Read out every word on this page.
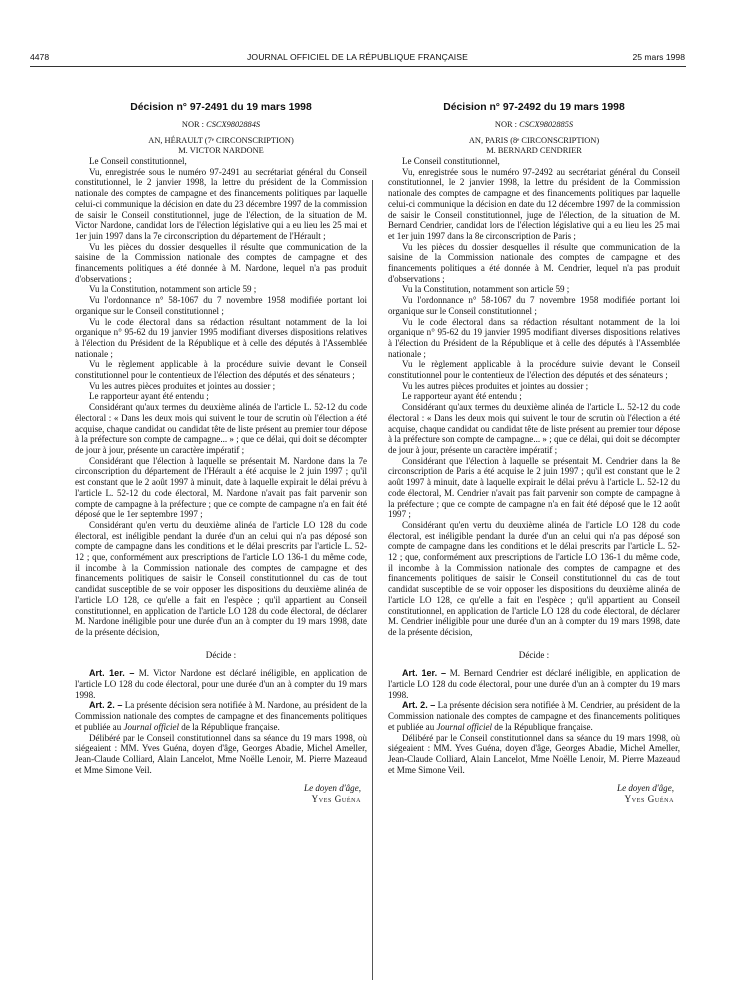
4478	JOURNAL OFFICIEL DE LA RÉPUBLIQUE FRANÇAISE	25 mars 1998
Décision n° 97-2491 du 19 mars 1998
NOR : CSCX9802884S
AN, HÉRAULT (7ᵉ CIRCONSCRIPTION)
M. VICTOR NARDONE

Le Conseil constitutionnel,

Vu, enregistrée sous le numéro 97-2491 au secrétariat général du Conseil constitutionnel, le 2 janvier 1998, la lettre du président de la Commission nationale des comptes de campagne et des financements politiques par laquelle celui-ci communique la décision en date du 23 décembre 1997 de la commission de saisir le Conseil constitutionnel, juge de l'élection, de la situation de M. Victor Nardone, candidat lors de l'élection législative qui a eu lieu les 25 mai et 1er juin 1997 dans la 7e circonscription du département de l'Hérault ;

Vu les pièces du dossier desquelles il résulte que communication de la saisine de la Commission nationale des comptes de campagne et des financements politiques a été donnée à M. Nardone, lequel n'a pas produit d'observations ;

Vu la Constitution, notamment son article 59 ;

Vu l'ordonnance n° 58-1067 du 7 novembre 1958 modifiée portant loi organique sur le Conseil constitutionnel ;

Vu le code électoral dans sa rédaction résultant notamment de la loi organique n° 95-62 du 19 janvier 1995 modifiant diverses dispositions relatives à l'élection du Président de la République et à celle des députés à l'Assemblée nationale ;

Vu le règlement applicable à la procédure suivie devant le Conseil constitutionnel pour le contentieux de l'élection des députés et des sénateurs ;

Vu les autres pièces produites et jointes au dossier ;

Le rapporteur ayant été entendu ;

Considérant qu'aux termes du deuxième alinéa de l'article L. 52-12 du code électoral : « Dans les deux mois qui suivent le tour de scrutin où l'élection a été acquise, chaque candidat ou candidat tête de liste présent au premier tour dépose à la préfecture son compte de campagne... » ; que ce délai, qui doit se décompter de jour à jour, présente un caractère impératif ;

Considérant que l'élection à laquelle se présentait M. Nardone dans la 7e circonscription du département de l'Hérault a été acquise le 2 juin 1997 ; qu'il est constant que le 2 août 1997 à minuit, date à laquelle expirait le délai prévu à l'article L. 52-12 du code électoral, M. Nardone n'avait pas fait parvenir son compte de campagne à la préfecture ; que ce compte de campagne n'a en fait été déposé que le 1er septembre 1997 ;

Considérant qu'en vertu du deuxième alinéa de l'article LO 128 du code électoral, est inéligible pendant la durée d'un an celui qui n'a pas déposé son compte de campagne dans les conditions et le délai prescrits par l'article L. 52-12 ; que, conformément aux prescriptions de l'article LO 136-1 du même code, il incombe à la Commission nationale des comptes de campagne et des financements politiques de saisir le Conseil constitutionnel du cas de tout candidat susceptible de se voir opposer les dispositions du deuxième alinéa de l'article LO 128, ce qu'elle a fait en l'espèce ; qu'il appartient au Conseil constitutionnel, en application de l'article LO 128 du code électoral, de déclarer M. Nardone inéligible pour une durée d'un an à compter du 19 mars 1998, date de la présente décision,

Décide :

Art. 1er. – M. Victor Nardone est déclaré inéligible, en application de l'article LO 128 du code électoral, pour une durée d'un an à compter du 19 mars 1998.

Art. 2. – La présente décision sera notifiée à M. Nardone, au président de la Commission nationale des comptes de campagne et des financements politiques et publiée au Journal officiel de la République française.

Délibéré par le Conseil constitutionnel dans sa séance du 19 mars 1998, où siégeaient : MM. Yves Guéna, doyen d'âge, Georges Abadie, Michel Ameller, Jean-Claude Colliard, Alain Lancelot, Mme Noëlle Lenoir, M. Pierre Mazeaud et Mme Simone Veil.

Le doyen d'âge,
Yves Guéna
Décision n° 97-2492 du 19 mars 1998
NOR : CSCX9802885S
AN, PARIS (8ᵉ CIRCONSCRIPTION)
M. BERNARD CENDRIER

Le Conseil constitutionnel,

Vu, enregistrée sous le numéro 97-2492 au secrétariat général du Conseil constitutionnel, le 2 janvier 1998, la lettre du président de la Commission nationale des comptes de campagne et des financements politiques par laquelle celui-ci communique la décision en date du 12 décembre 1997 de la commission de saisir le Conseil constitutionnel, juge de l'élection, de la situation de M. Bernard Cendrier, candidat lors de l'élection législative qui a eu lieu les 25 mai et 1er juin 1997 dans la 8e circonscription de Paris ;

Vu les pièces du dossier desquelles il résulte que communication de la saisine de la Commission nationale des comptes de campagne et des financements politiques a été donnée à M. Cendrier, lequel n'a pas produit d'observations ;

Vu la Constitution, notamment son article 59 ;

Vu l'ordonnance n° 58-1067 du 7 novembre 1958 modifiée portant loi organique sur le Conseil constitutionnel ;

Vu le code électoral dans sa rédaction résultant notamment de la loi organique n° 95-62 du 19 janvier 1995 modifiant diverses dispositions relatives à l'élection du Président de la République et à celle des députés à l'Assemblée nationale ;

Vu le règlement applicable à la procédure suivie devant le Conseil constitutionnel pour le contentieux de l'élection des députés et des sénateurs ;

Vu les autres pièces produites et jointes au dossier ;

Le rapporteur ayant été entendu ;

Considérant qu'aux termes du deuxième alinéa de l'article L. 52-12 du code électoral : « Dans les deux mois qui suivent le tour de scrutin où l'élection a été acquise, chaque candidat ou candidat tête de liste présent au premier tour dépose à la préfecture son compte de campagne... » ; que ce délai, qui doit se décompter de jour à jour, présente un caractère impératif ;

Considérant que l'élection à laquelle se présentait M. Cendrier dans la 8e circonscription de Paris a été acquise le 2 juin 1997 ; qu'il est constant que le 2 août 1997 à minuit, date à laquelle expirait le délai prévu à l'article L. 52-12 du code électoral, M. Cendrier n'avait pas fait parvenir son compte de campagne à la préfecture ; que ce compte de campagne n'a en fait été déposé que le 12 août 1997 ;

Considérant qu'en vertu du deuxième alinéa de l'article LO 128 du code électoral, est inéligible pendant la durée d'un an celui qui n'a pas déposé son compte de campagne dans les conditions et le délai prescrits par l'article L. 52-12 ; que, conformément aux prescriptions de l'article LO 136-1 du même code, il incombe à la Commission nationale des comptes de campagne et des financements politiques de saisir le Conseil constitutionnel du cas de tout candidat susceptible de se voir opposer les dispositions du deuxième alinéa de l'article LO 128, ce qu'elle a fait en l'espèce ; qu'il appartient au Conseil constitutionnel, en application de l'article LO 128 du code électoral, de déclarer M. Cendrier inéligible pour une durée d'un an à compter du 19 mars 1998, date de la présente décision,

Décide :

Art. 1er. – M. Bernard Cendrier est déclaré inéligible, en application de l'article LO 128 du code électoral, pour une durée d'un an à compter du 19 mars 1998.

Art. 2. – La présente décision sera notifiée à M. Cendrier, au président de la Commission nationale des comptes de campagne et des financements politiques et publiée au Journal officiel de la République française.

Délibéré par le Conseil constitutionnel dans sa séance du 19 mars 1998, où siégeaient : MM. Yves Guéna, doyen d'âge, Georges Abadie, Michel Ameller, Jean-Claude Colliard, Alain Lancelot, Mme Noëlle Lenoir, M. Pierre Mazeaud et Mme Simone Veil.

Le doyen d'âge,
Yves Guéna
